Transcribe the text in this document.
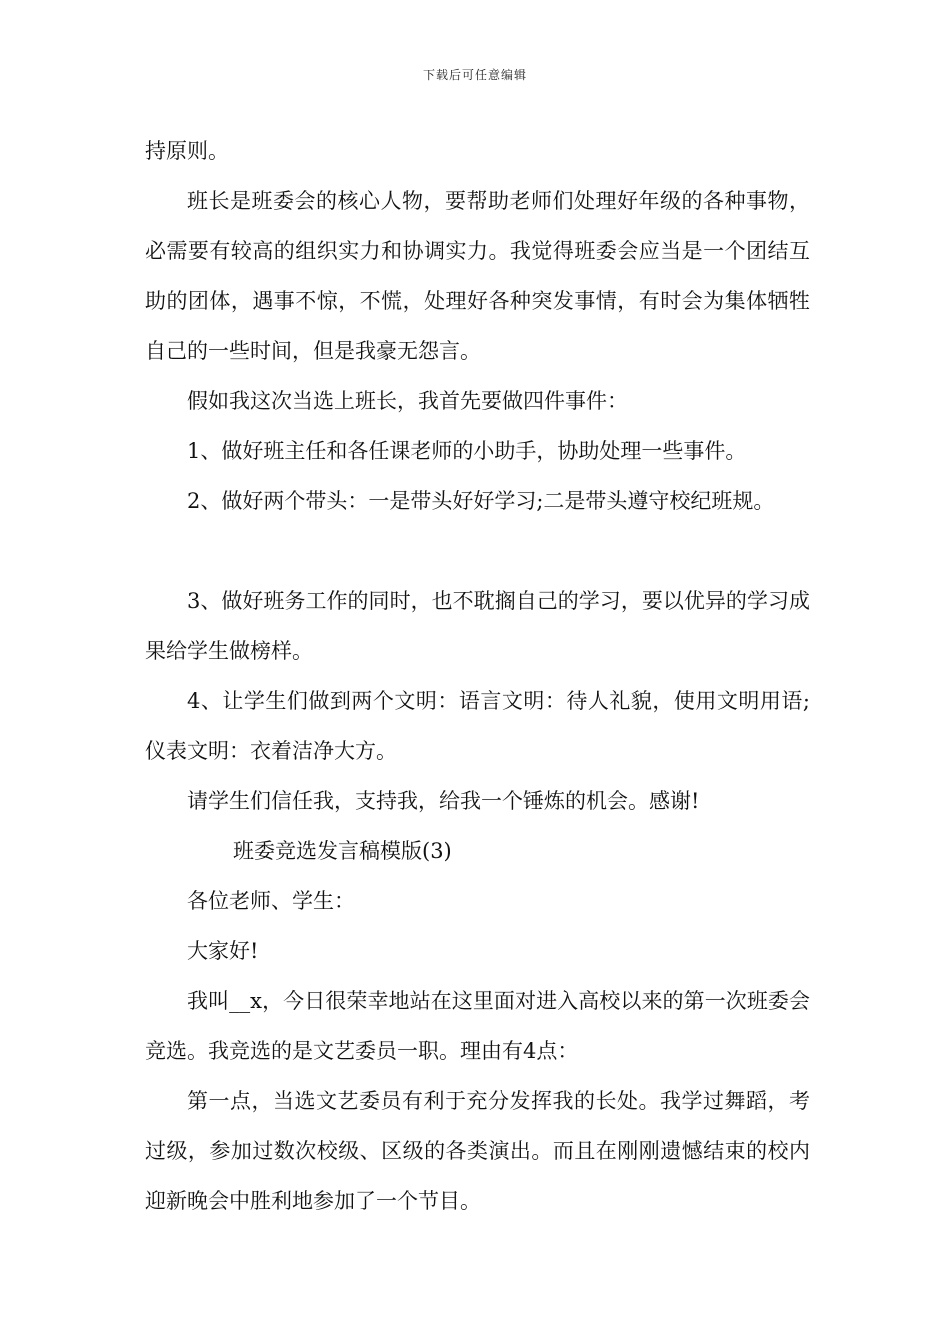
下载后可任意编辑

持原则。

班长是班委会的核心人物，要帮助老师们处理好年级的各种事物，必需要有较高的组织实力和协调实力。我觉得班委会应当是一个团结互助的团体，遇事不惊，不慌，处理好各种突发事情，有时会为集体牺牲自己的一些时间，但是我豪无怨言。

假如我这次当选上班长，我首先要做四件事件：

1、做好班主任和各任课老师的小助手，协助处理一些事件。

2、做好两个带头：一是带头好好学习;二是带头遵守校纪班规。

3、做好班务工作的同时，也不耽搁自己的学习，要以优异的学习成果给学生做榜样。

4、让学生们做到两个文明：语言文明：待人礼貌，使用文明用语;仪表文明：衣着洁净大方。

请学生们信任我，支持我，给我一个锤炼的机会。感谢!

班委竞选发言稿模版(3)

各位老师、学生：

大家好!

我叫__x，今日很荣幸地站在这里面对进入高校以来的第一次班委会竞选。我竞选的是文艺委员一职。理由有4点：

第一点，当选文艺委员有利于充分发挥我的长处。我学过舞蹈，考过级，参加过数次校级、区级的各类演出。而且在刚刚遗憾结束的校内迎新晚会中胜利地参加了一个节目。
